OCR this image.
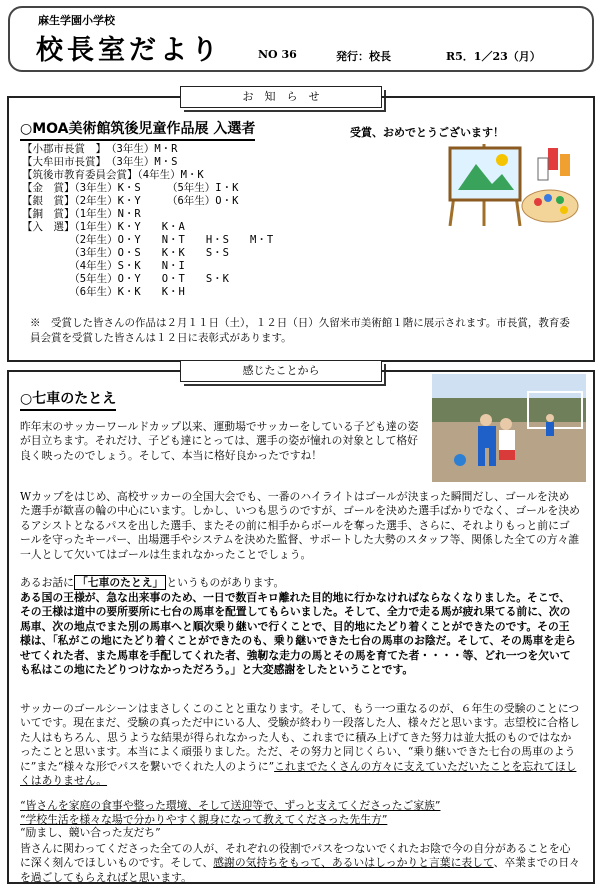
麻生学園小学校
校長室だより	NO 36	発行：校長	R5．1／23（月）
お　知　ら　せ
○MOA美術館筑後児童作品展 入選者	受賞、おめでとうございます！
【小郡市長賞　】　（3年生）M・R
【大牟田市長賞】　（3年生）M・S
【筑後市教育委員会賞】（4年生）M・K
【金　賞】（3年生）K・S　　　（5年生）I・K
【銀　賞】（2年生）K・Y　　　（6年生）O・K
【銅　賞】（1年生）N・R
【入　選】（1年生）K・Y　　K・A
　　　　　（2年生）O・Y　　N・T　　H・S　　M・T
　　　　　（3年生）O・S　　K・K　　S・S
　　　　　（4年生）S・K　　N・I
　　　　　（5年生）O・Y　　O・T　　S・K
　　　　　（6年生）K・K　　K・H
※　受賞した皆さんの作品は２月１１日（土），１２日（日）久留米市美術館１階に展示されます。市長賞，教育委員会賞を受賞した皆さんは１２日に表彰式があります。
感じたことから
○七車のたとえ
昨年末のサッカーワールドカップ以来、運動場でサッカーをしている子ども達の姿が目立ちます。それだけ、子ども達にとっては、選手の姿が憧れの対象として格好良く映ったのでしょう。そして、本当に格好良かったですね！
Wカップをはじめ、高校サッカーの全国大会でも、一番のハイライトはゴールが決まった瞬間だし、ゴールを決めた選手が歓喜の輪の中心にいます。しかし、いつも思うのですが、ゴールを決めた選手ばかりでなく、ゴールを決めるアシストとなるパスを出した選手、またその前に相手からボールを奪った選手、さらに、それよりもっと前にゴールを守ったキーパー、出場選手やシステムを決めた監督、サポートした大勢のスタッフ等、関係した全ての方々誰一人として欠いてはゴールは生まれなかったことでしょう。
あるお話に 「七車のたとえ」 というものがあります。
ある国の王様が、急な出来事のため、一日で数百キロ離れた目的地に行かなければならなくなりました。そこで、その王様は道中の要所要所に七台の馬車を配置してもらいました。そして、全力で走る馬が疲れ果てる前に、次の馬車、次の地点でまた別の馬車へと順次乗り継いで行くことで、目的地にたどり着くことができたのです。その王様は、「私がこの地にたどり着くことができたのも、乗り継いできた七台の馬車のお陰だ。そして、その馬車を走らせてくれた者、また馬車を手配してくれた者、強靭な走力の馬とその馬を育てた者・・・・等、どれ一つを欠いても私はこの地にたどりつけなかっただろう。」と大変感謝をしたということです。
サッカーのゴールシーンはまさしくこのことと重なります。そして、もう一つ重なるのが、６年生の受験のことについてです。現在まだ、受験の真っただ中にいる人、受験が終わり一段落した人、様々だと思います。志望校に合格した人はもちろん、思うような結果が得られなかった人も、これまでに積み上げてきた努力は並大抵のものではなかったことと思います。本当によく頑張りました。ただ、その努力と同じくらい、“乗り継いできた七台の馬車のように”また“様々な形でパスを繋いでくれた人のように”これまでたくさんの方々に支えていただいたことを忘れてほしくはありません。
“皆さんを家庭の食事や整った環境、そして送迎等で、ずっと支えてくださったご家族”
“学校生活を様々な場で分かりやすく親身になって教えてくださった先生方”
“励まし、競い合った友だち”
皆さんに関わってくださった全ての人が、それぞれの役割でパスをつないでくれたお陰で今の自分があることを心に深く刻んでほしいものです。そして、感謝の気持ちをもって、あるいはしっかりと言葉に表して、卒業までの日々を過ごしてもらえればと思います。
